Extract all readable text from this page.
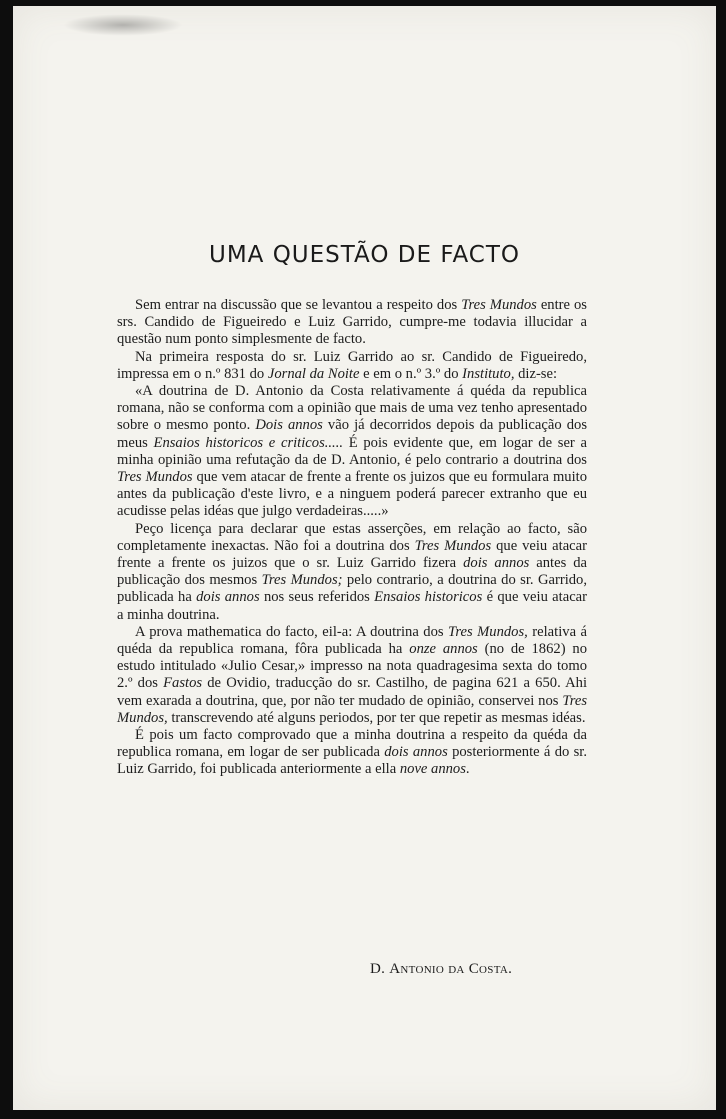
UMA QUESTÃO DE FACTO

Sem entrar na discussão que se levantou a respeito dos Tres Mundos entre os srs. Candido de Figueiredo e Luiz Garrido, cumpre-me todavia illucidar a questão num ponto simplesmente de facto.

Na primeira resposta do sr. Luiz Garrido ao sr. Candido de Figueiredo, impressa em o n.º 831 do Jornal da Noite e em o n.º 3.º do Instituto, diz-se:

«A doutrina de D. Antonio da Costa relativamente á quéda da republica romana, não se conforma com a opinião que mais de uma vez tenho apresentado sobre o mesmo ponto. Dois annos vão já decorridos depois da publicação dos meus Ensaios historicos e criticos..... É pois evidente que, em logar de ser a minha opinião uma refutação da de D. Antonio, é pelo contrario a doutrina dos Tres Mundos que vem atacar de frente a frente os juizos que eu formulara muito antes da publicação d'este livro, e a ninguem poderá parecer extranho que eu acudisse pelas idéas que julgo verdadeiras.....»

Peço licença para declarar que estas asserções, em relação ao facto, são completamente inexactas. Não foi a doutrina dos Tres Mundos que veiu atacar frente a frente os juizos que o sr. Luiz Garrido fizera dois annos antes da publicação dos mesmos Tres Mundos; pelo contrario, a doutrina do sr. Garrido, publicada ha dois annos nos seus referidos Ensaios historicos é que veiu atacar a minha doutrina.

A prova mathematica do facto, eil-a: A doutrina dos Tres Mundos, relativa á quéda da republica romana, fôra publicada ha onze annos (no de 1862) no estudo intitulado «Julio Cesar,» impresso na nota quadragesima sexta do tomo 2.º dos Fastos de Ovidio, traducção do sr. Castilho, de pagina 621 a 650. Ahi vem exarada a doutrina, que, por não ter mudado de opinião, conservei nos Tres Mundos, transcrevendo até alguns periodos, por ter que repetir as mesmas idéas.

É pois um facto comprovado que a minha doutrina a respeito da quéda da republica romana, em logar de ser publicada dois annos posteriormente á do sr. Luiz Garrido, foi publicada anteriormente a ella nove annos.

D. Antonio da Costa.
